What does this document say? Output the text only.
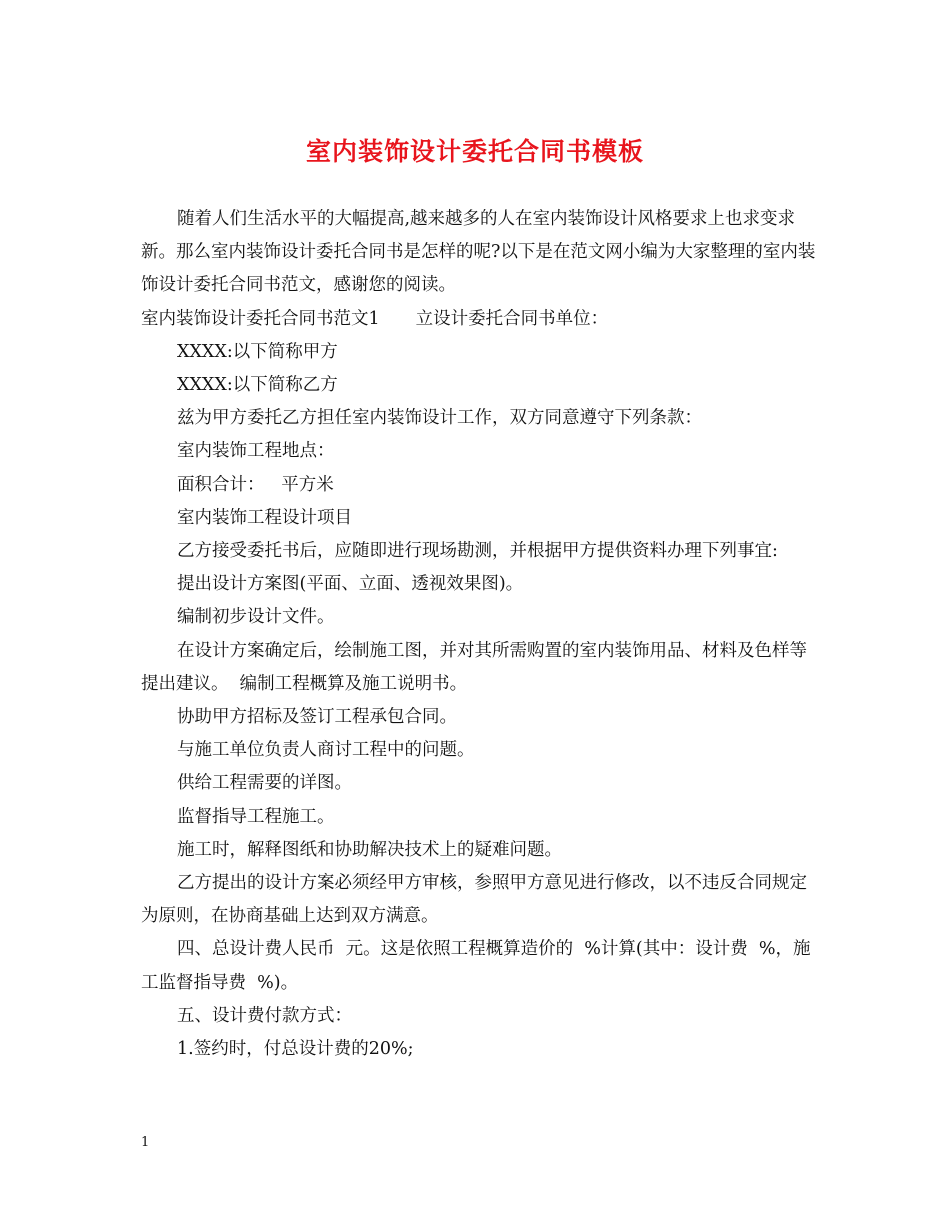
室内装饰设计委托合同书模板

随着人们生活水平的大幅提高,越来越多的人在室内装饰设计风格要求上也求变求新。那么室内装饰设计委托合同书是怎样的呢?以下是在范文网小编为大家整理的室内装饰设计委托合同书范文，感谢您的阅读。

室内装饰设计委托合同书范文1 立设计委托合同书单位：

XXXX:以下简称甲方

XXXX:以下简称乙方

兹为甲方委托乙方担任室内装饰设计工作，双方同意遵守下列条款：

室内装饰工程地点：

面积合计：   平方米

室内装饰工程设计项目

乙方接受委托书后，应随即进行现场勘测，并根据甲方提供资料办理下列事宜:

提出设计方案图(平面、立面、透视效果图)。

编制初步设计文件。

在设计方案确定后，绘制施工图，并对其所需购置的室内装饰用品、材料及色样等提出建议。  编制工程概算及施工说明书。

协助甲方招标及签订工程承包合同。

与施工单位负责人商讨工程中的问题。

供给工程需要的详图。

监督指导工程施工。

施工时，解释图纸和协助解决技术上的疑难问题。

乙方提出的设计方案必须经甲方审核，参照甲方意见进行修改，以不违反合同规定为原则，在协商基础上达到双方满意。

四、总设计费人民币  元。这是依照工程概算造价的  %计算(其中：设计费  %，施工监督指导费  %)。

五、设计费付款方式：

1.签约时，付总设计费的20%;

1
